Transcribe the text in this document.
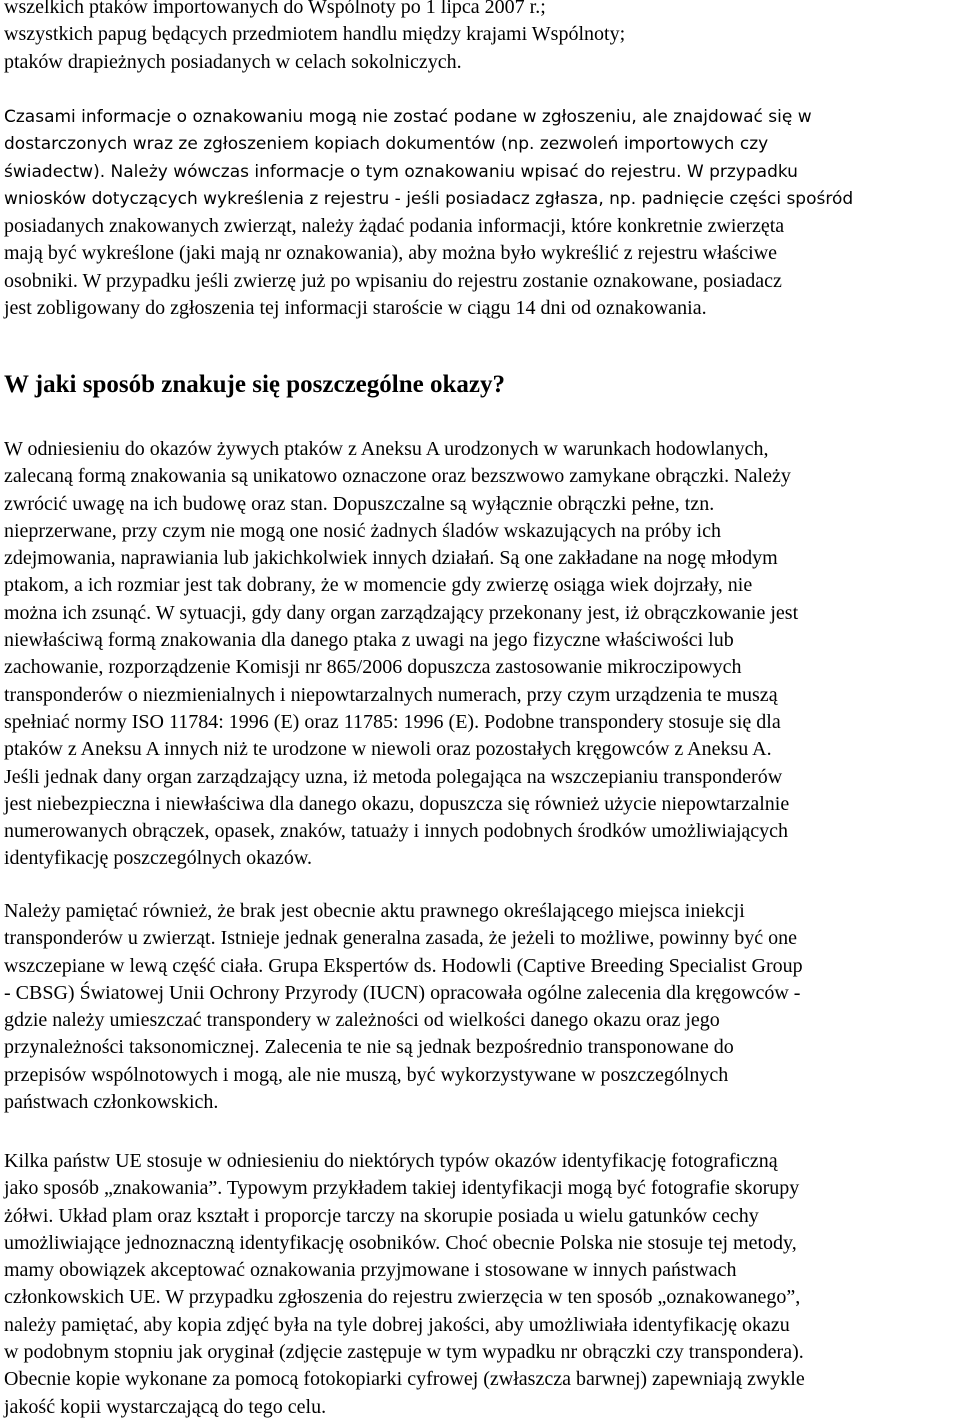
wszelkich ptaków importowanych do Wspólnoty po 1 lipca 2007 r.;
wszystkich papug będących przedmiotem handlu między krajami Wspólnoty;
ptaków drapieżnych posiadanych w celach sokolniczych.
Czasami informacje o oznakowaniu mogą nie zostać podane w zgłoszeniu, ale znajdować się w
dostarczonych wraz ze zgłoszeniem kopiach dokumentów (np. zezwoleń importowych czy
świadectw). Należy wówczas informacje o tym oznakowaniu wpisać do rejestru. W przypadku
wniosków dotyczących wykreślenia z rejestru - jeśli posiadacz zgłasza, np. padnięcie części spośród
posiadanych znakowanych zwierząt, należy żądać podania informacji, które konkretnie zwierzęta
mają być wykreślone (jaki mają nr oznakowania), aby można było wykreślić z rejestru właściwe
osobniki. W przypadku jeśli zwierzę już po wpisaniu do rejestru zostanie oznakowane, posiadacz
jest zobligowany do zgłoszenia tej informacji staroście w ciągu 14 dni od oznakowania.
W jaki sposób znakuje się poszczególne okazy?
W odniesieniu do okazów żywych ptaków z Aneksu A urodzonych w warunkach hodowlanych,
zalecaną formą znakowania są unikatowo oznaczone oraz bezszwowo zamykane obrączki. Należy
zwrócić uwagę na ich budowę oraz stan. Dopuszczalne są wyłącznie obrączki pełne, tzn.
nieprzerwane, przy czym nie mogą one nosić żadnych śladów wskazujących na próby ich
zdejmowania, naprawiania lub jakichkolwiek innych działań. Są one zakładane na nogę młodym
ptakom, a ich rozmiar jest tak dobrany, że w momencie gdy zwierzę osiąga wiek dojrzały, nie
można ich zsunąć. W sytuacji, gdy dany organ zarządzający przekonany jest, iż obrączkowanie jest
niewłaściwą formą znakowania dla danego ptaka z uwagi na jego fizyczne właściwości lub
zachowanie, rozporządzenie Komisji nr 865/2006 dopuszcza zastosowanie mikroczipowych
transponderów o niezmienialnych i niepowtarzalnych numerach, przy czym urządzenia te muszą
spełniać normy ISO 11784: 1996 (E) oraz 11785: 1996 (E). Podobne transpondery stosuje się dla
ptaków z Aneksu A innych niż te urodzone w niewoli oraz pozostałych kręgowców z Aneksu A.
Jeśli jednak dany organ zarządzający uzna, iż metoda polegająca na wszczepianiu transponderów
jest niebezpieczna i niewłaściwa dla danego okazu, dopuszcza się również użycie niepowtarzalnie
numerowanych obrączek, opasek, znaków, tatuaży i innych podobnych środków umożliwiających
identyfikację poszczególnych okazów.
Należy pamiętać również, że brak jest obecnie aktu prawnego określającego miejsca iniekcji
transponderów u zwierząt. Istnieje jednak generalna zasada, że jeżeli to możliwe, powinny być one
wszczepiane w lewą część ciała. Grupa Ekspertów ds. Hodowli (Captive Breeding Specialist Group
- CBSG) Światowej Unii Ochrony Przyrody (IUCN) opracowała ogólne zalecenia dla kręgowców -
gdzie należy umieszczać transpondery w zależności od wielkości danego okazu oraz jego
przynależności taksonomicznej. Zalecenia te nie są jednak bezpośrednio transponowane do
przepisów wspólnotowych i mogą, ale nie muszą, być wykorzystywane w poszczególnych
państwach członkowskich.
Kilka państw UE stosuje w odniesieniu do niektórych typów okazów identyfikację fotograficzną
jako sposób „znakowania”. Typowym przykładem takiej identyfikacji mogą być fotografie skorupy
żółwi. Układ plam oraz kształt i proporcje tarczy na skorupie posiada u wielu gatunków cechy
umożliwiające jednoznaczną identyfikację osobników. Choć obecnie Polska nie stosuje tej metody,
mamy obowiązek akceptować oznakowania przyjmowane i stosowane w innych państwach
członkowskich UE. W przypadku zgłoszenia do rejestru zwierzęcia w ten sposób „oznakowanego”,
należy pamiętać, aby kopia zdjęć była na tyle dobrej jakości, aby umożliwiała identyfikację okazu
w podobnym stopniu jak oryginał (zdjęcie zastępuje w tym wypadku nr obrączki czy transpondera).
Obecnie kopie wykonane za pomocą fotokopiarki cyfrowej (zwłaszcza barwnej) zapewniają zwykle
jakość kopii wystarczającą do tego celu.
